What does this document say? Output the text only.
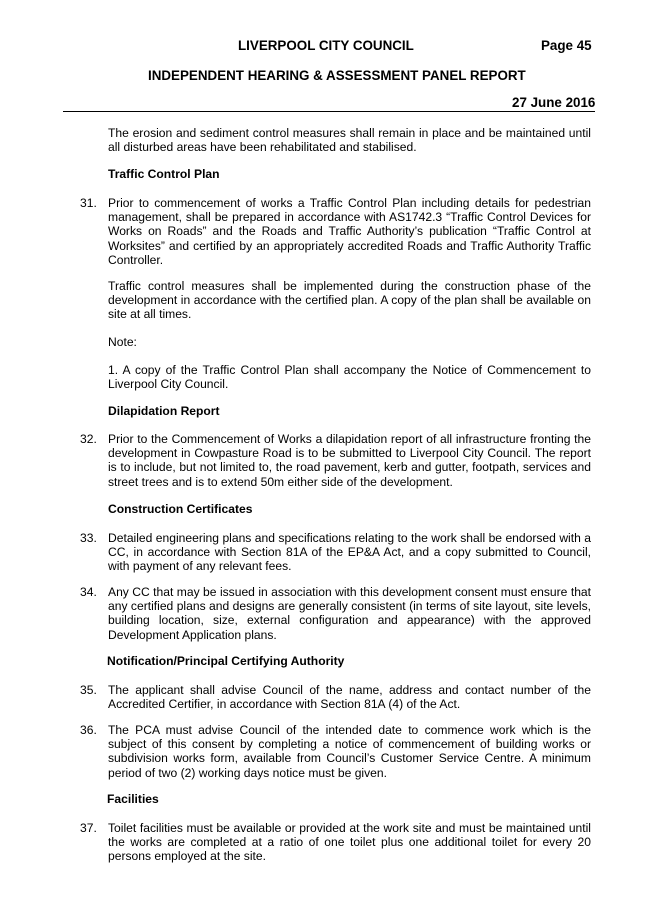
LIVERPOOL CITY COUNCIL	Page 45
INDEPENDENT HEARING & ASSESSMENT PANEL REPORT
27 June 2016
The erosion and sediment control measures shall remain in place and be maintained until all disturbed areas have been rehabilitated and stabilised.
Traffic Control Plan
31. Prior to commencement of works a Traffic Control Plan including details for pedestrian management, shall be prepared in accordance with AS1742.3 “Traffic Control Devices for Works on Roads” and the Roads and Traffic Authority’s publication “Traffic Control at Worksites” and certified by an appropriately accredited Roads and Traffic Authority Traffic Controller.
Traffic control measures shall be implemented during the construction phase of the development in accordance with the certified plan. A copy of the plan shall be available on site at all times.
Note:
1. A copy of the Traffic Control Plan shall accompany the Notice of Commencement to Liverpool City Council.
Dilapidation Report
32. Prior to the Commencement of Works a dilapidation report of all infrastructure fronting the development in Cowpasture Road is to be submitted to Liverpool City Council. The report is to include, but not limited to, the road pavement, kerb and gutter, footpath, services and street trees and is to extend 50m either side of the development.
Construction Certificates
33. Detailed engineering plans and specifications relating to the work shall be endorsed with a CC, in accordance with Section 81A of the EP&A Act, and a copy submitted to Council, with payment of any relevant fees.
34. Any CC that may be issued in association with this development consent must ensure that any certified plans and designs are generally consistent (in terms of site layout, site levels, building location, size, external configuration and appearance) with the approved Development Application plans.
Notification/Principal Certifying Authority
35. The applicant shall advise Council of the name, address and contact number of the Accredited Certifier, in accordance with Section 81A (4) of the Act.
36. The PCA must advise Council of the intended date to commence work which is the subject of this consent by completing a notice of commencement of building works or subdivision works form, available from Council’s Customer Service Centre. A minimum period of two (2) working days notice must be given.
Facilities
37. Toilet facilities must be available or provided at the work site and must be maintained until the works are completed at a ratio of one toilet plus one additional toilet for every 20 persons employed at the site.
